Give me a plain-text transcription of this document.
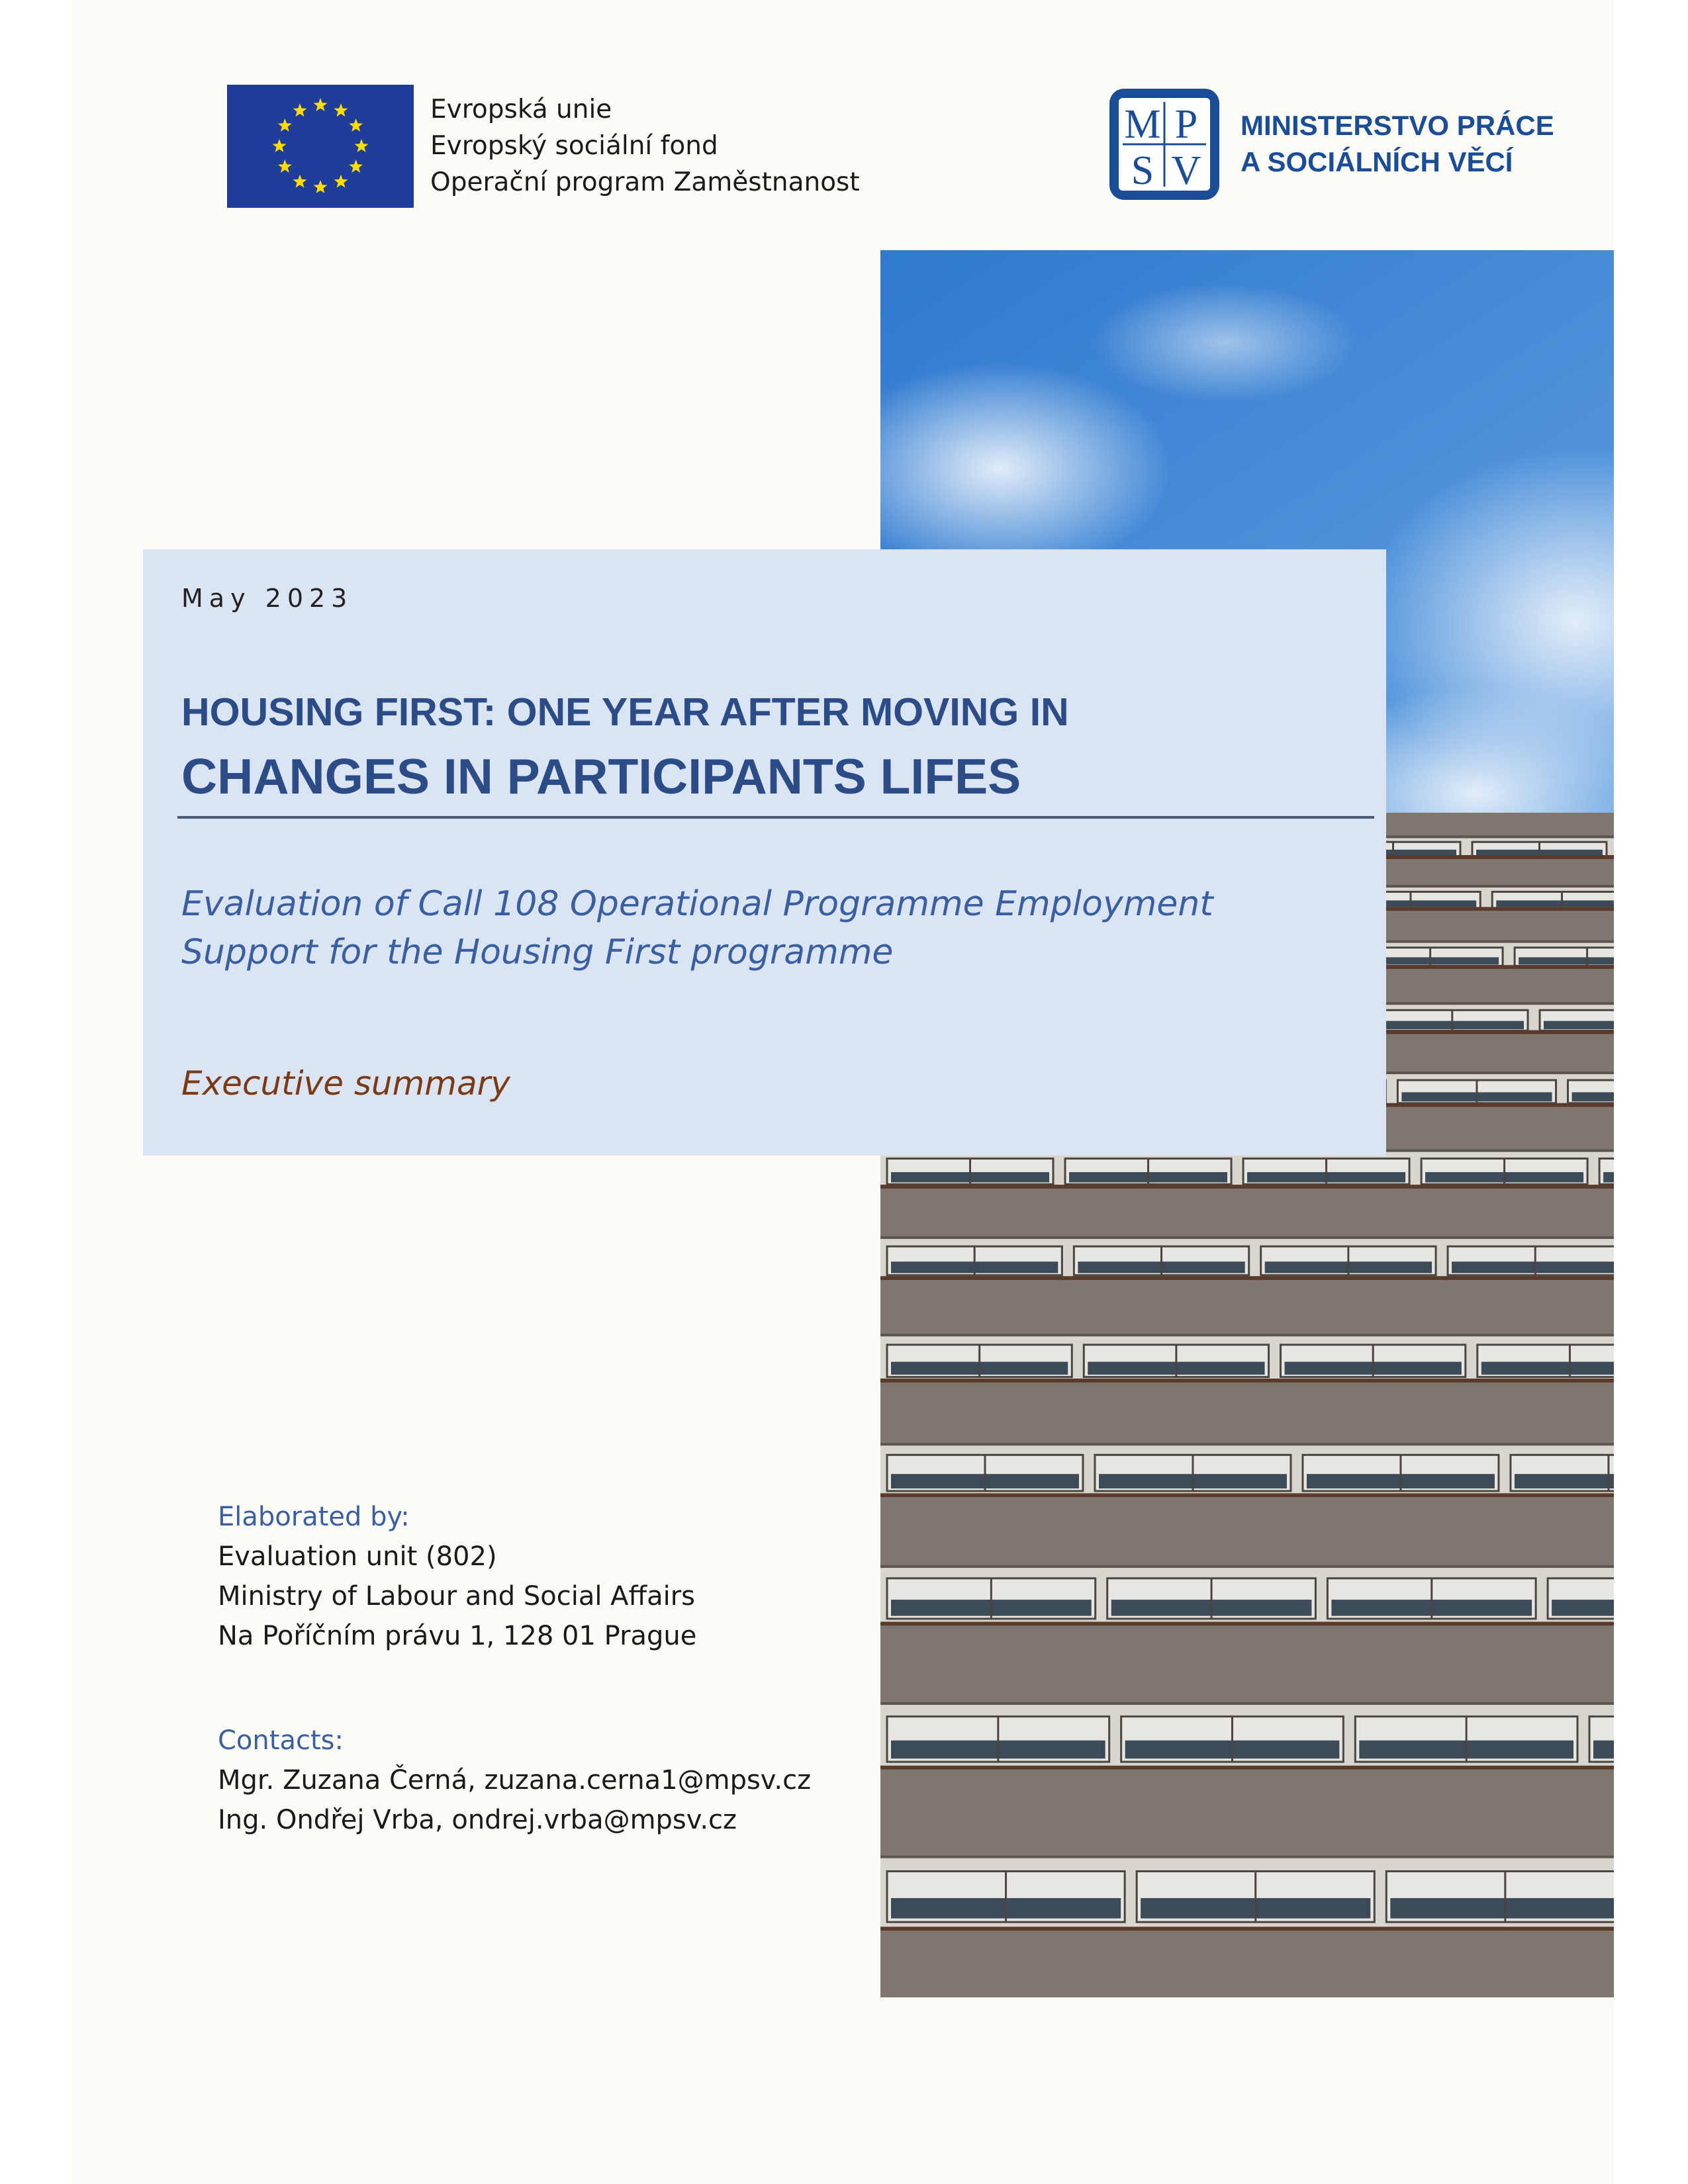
Evropská unie
Evropský sociální fond
Operační program Zaměstnanost
M P
S V
MINISTERSTVO PRÁCE
A SOCIÁLNÍCH VĚCÍ
May 2023
HOUSING FIRST: ONE YEAR AFTER MOVING IN
CHANGES IN PARTICIPANTS LIFES
Evaluation of Call 108 Operational Programme Employment
Support for the Housing First programme
Executive summary
Elaborated by:
Evaluation unit (802)
Ministry of Labour and Social Affairs
Na Poříčním právu 1, 128 01 Prague
Contacts:
Mgr. Zuzana Černá, zuzana.cerna1@mpsv.cz
Ing. Ondřej Vrba, ondrej.vrba@mpsv.cz
